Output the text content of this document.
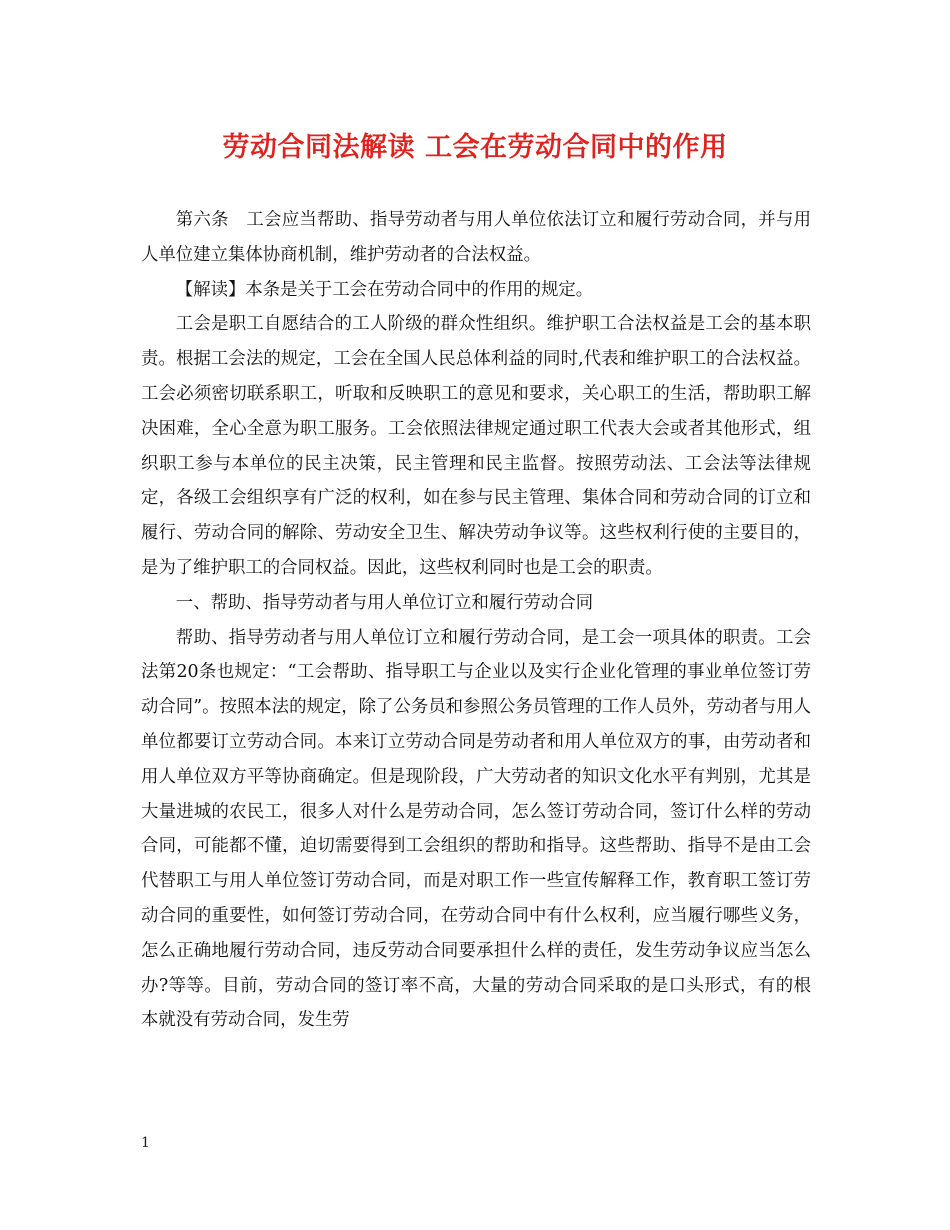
劳动合同法解读 工会在劳动合同中的作用

第六条　工会应当帮助、指导劳动者与用人单位依法订立和履行劳动合同，并与用人单位建立集体协商机制，维护劳动者的合法权益。

【解读】本条是关于工会在劳动合同中的作用的规定。

工会是职工自愿结合的工人阶级的群众性组织。维护职工合法权益是工会的基本职责。根据工会法的规定，工会在全国人民总体利益的同时,代表和维护职工的合法权益。工会必须密切联系职工，听取和反映职工的意见和要求，关心职工的生活，帮助职工解决困难，全心全意为职工服务。工会依照法律规定通过职工代表大会或者其他形式，组织职工参与本单位的民主决策，民主管理和民主监督。按照劳动法、工会法等法律规定，各级工会组织享有广泛的权利，如在参与民主管理、集体合同和劳动合同的订立和履行、劳动合同的解除、劳动安全卫生、解决劳动争议等。这些权利行使的主要目的，是为了维护职工的合同权益。因此，这些权利同时也是工会的职责。

一、帮助、指导劳动者与用人单位订立和履行劳动合同

帮助、指导劳动者与用人单位订立和履行劳动合同，是工会一项具体的职责。工会法第20条也规定：“工会帮助、指导职工与企业以及实行企业化管理的事业单位签订劳动合同”。按照本法的规定，除了公务员和参照公务员管理的工作人员外，劳动者与用人单位都要订立劳动合同。本来订立劳动合同是劳动者和用人单位双方的事，由劳动者和用人单位双方平等协商确定。但是现阶段，广大劳动者的知识文化水平有判别，尤其是大量进城的农民工，很多人对什么是劳动合同，怎么签订劳动合同，签订什么样的劳动合同，可能都不懂，迫切需要得到工会组织的帮助和指导。这些帮助、指导不是由工会代替职工与用人单位签订劳动合同，而是对职工作一些宣传解释工作，教育职工签订劳动合同的重要性，如何签订劳动合同，在劳动合同中有什么权利，应当履行哪些义务，怎么正确地履行劳动合同，违反劳动合同要承担什么样的责任，发生劳动争议应当怎么办?等等。目前，劳动合同的签订率不高，大量的劳动合同采取的是口头形式，有的根本就没有劳动合同，发生劳

1
